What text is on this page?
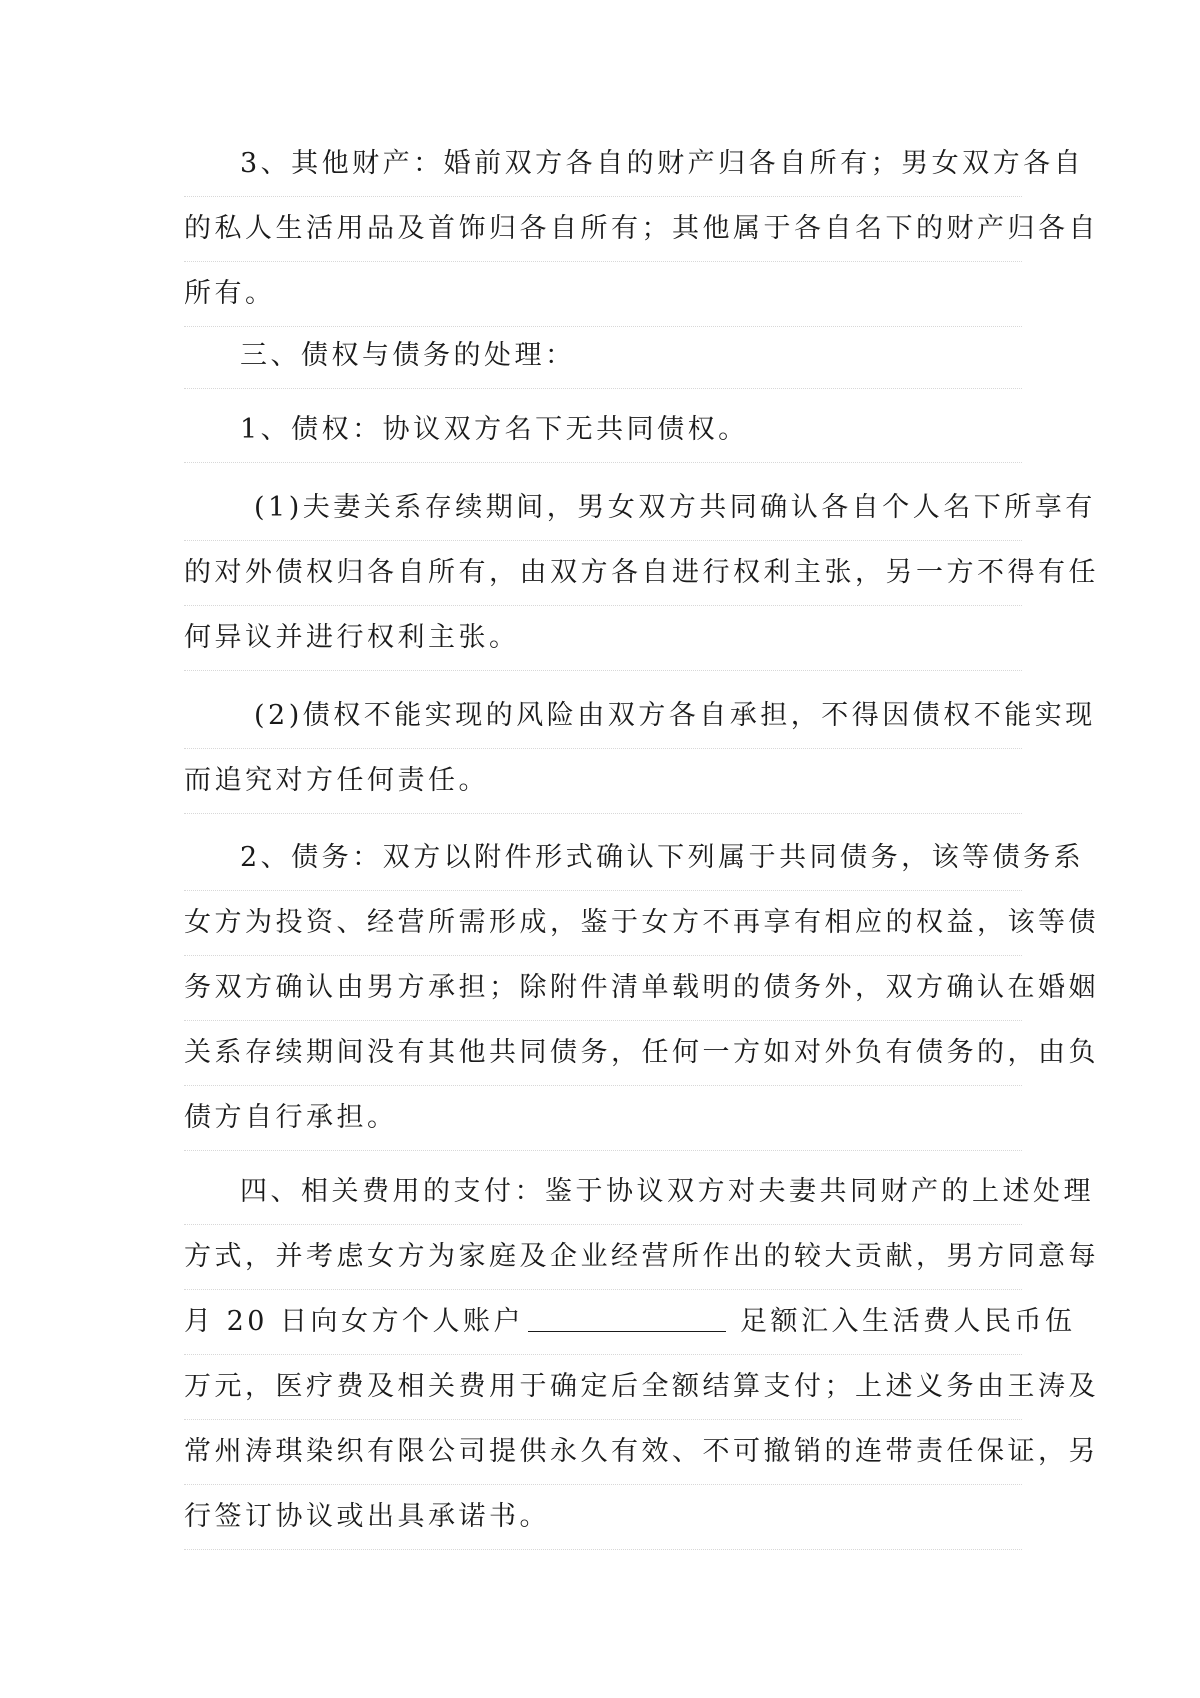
3、其他财产：婚前双方各自的财产归各自所有；男女双方各自
的私人生活用品及首饰归各自所有；其他属于各自名下的财产归各自
所有。
三、债权与债务的处理：
1、债权：协议双方名下无共同债权。
(1)夫妻关系存续期间，男女双方共同确认各自个人名下所享有
的对外债权归各自所有，由双方各自进行权利主张，另一方不得有任
何异议并进行权利主张。
(2)债权不能实现的风险由双方各自承担，不得因债权不能实现
而追究对方任何责任。
2、债务：双方以附件形式确认下列属于共同债务，该等债务系
女方为投资、经营所需形成，鉴于女方不再享有相应的权益，该等债
务双方确认由男方承担；除附件清单载明的债务外，双方确认在婚姻
关系存续期间没有其他共同债务，任何一方如对外负有债务的，由负
债方自行承担。
四、相关费用的支付：鉴于协议双方对夫妻共同财产的上述处理
方式，并考虑女方为家庭及企业经营所作出的较大贡献，男方同意每
月 20 日向女方个人账户	足额汇入生活费人民币伍
万元，医疗费及相关费用于确定后全额结算支付；上述义务由王涛及
常州涛琪染织有限公司提供永久有效、不可撤销的连带责任保证，另
行签订协议或出具承诺书。
